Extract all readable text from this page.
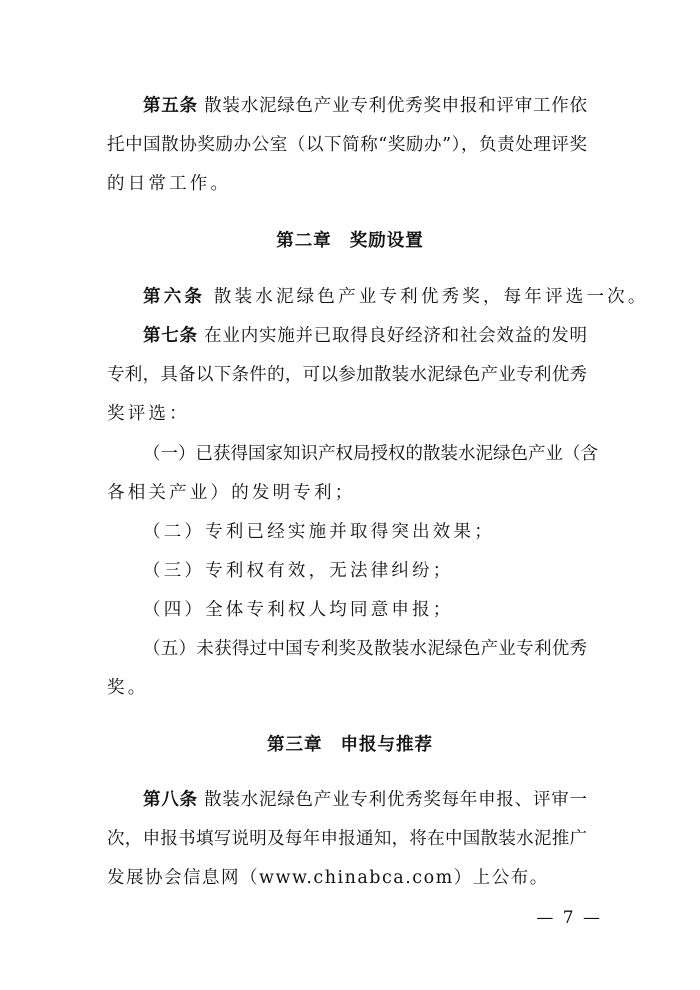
第五条 散装水泥绿色产业专利优秀奖申报和评审工作依
托中国散协奖励办公室（以下简称“奖励办”），负责处理评奖
的日常工作。
第二章 奖励设置
第六条 散装水泥绿色产业专利优秀奖，每年评选一次。
第七条 在业内实施并已取得良好经济和社会效益的发明
专利，具备以下条件的，可以参加散装水泥绿色产业专利优秀
奖评选：
（一）已获得国家知识产权局授权的散装水泥绿色产业（含
各相关产业）的发明专利；
（二）专利已经实施并取得突出效果；
（三）专利权有效，无法律纠纷；
（四）全体专利权人均同意申报；
（五）未获得过中国专利奖及散装水泥绿色产业专利优秀
奖。
第三章 申报与推荐
第八条 散装水泥绿色产业专利优秀奖每年申报、评审一
次，申报书填写说明及每年申报通知，将在中国散装水泥推广
发展协会信息网（www.chinabca.com）上公布。
— 7 —
